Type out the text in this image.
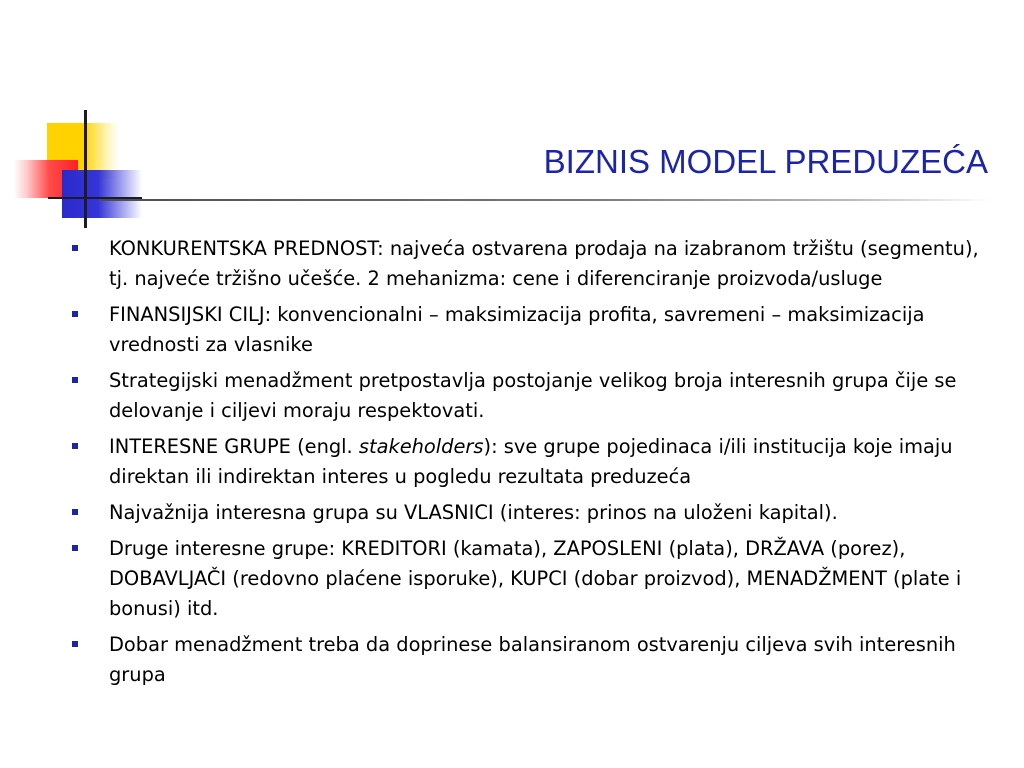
BIZNIS MODEL PREDUZEĆA
KONKURENTSKA PREDNOST: najveća ostvarena prodaja na izabranom tržištu (segmentu), tj. najveće tržišno učešće. 2 mehanizma: cene i diferenciranje proizvoda/usluge
FINANSIJSKI CILJ: konvencionalni – maksimizacija profita, savremeni – maksimizacija vrednosti za vlasnike
Strategijski menadžment pretpostavlja postojanje velikog broja interesnih grupa čije se delovanje i ciljevi moraju respektovati.
INTERESNE GRUPE (engl. stakeholders): sve grupe pojedinaca i/ili institucija koje imaju direktan ili indirektan interes u pogledu rezultata preduzeća
Najvažnija interesna grupa su VLASNICI (interes: prinos na uloženi kapital).
Druge interesne grupe: KREDITORI (kamata), ZAPOSLENI (plata), DRŽAVA (porez), DOBAVLJAČI (redovno plaćene isporuke), KUPCI (dobar proizvod), MENADŽMENT (plate i bonusi) itd.
Dobar menadžment treba da doprinese balansiranom ostvarenju ciljeva svih interesnih grupa
